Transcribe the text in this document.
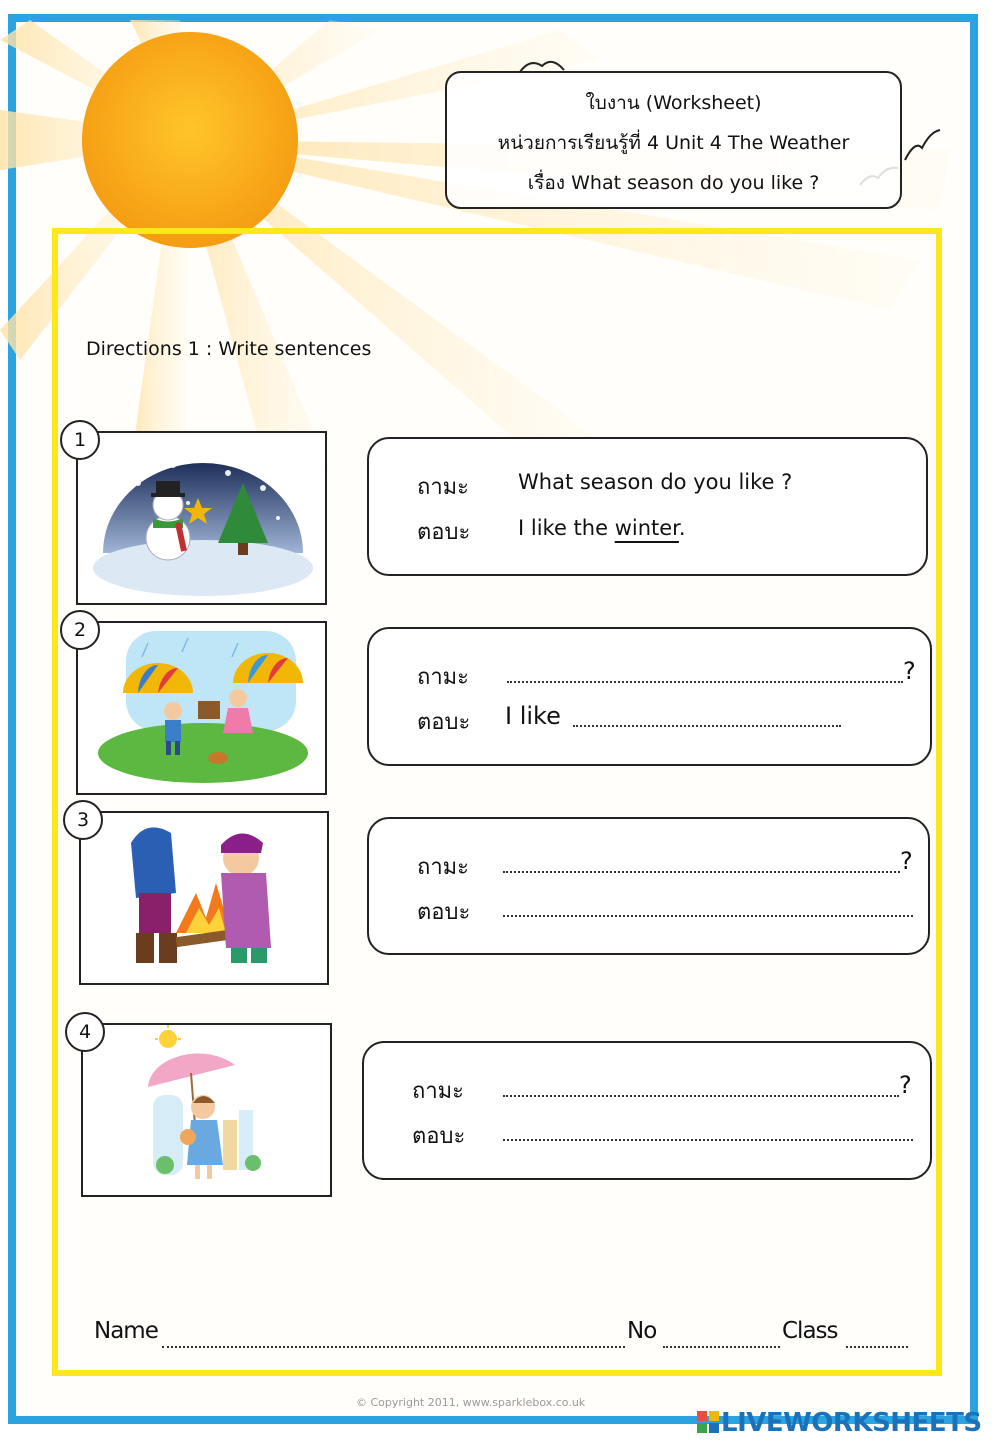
ใบงาน (Worksheet)
หน่วยการเรียนรู้ที่ 4 Unit 4 The Weather
เรื่อง What season do you like ?
Directions 1 : Write sentences
1
ถามะ What season do you like ?
ตอบะ I like the winter.
2
ถามะ	?
ตอบะ I like
3
ถามะ	?
ตอบะ
4
ถามะ	?
ตอบะ
Name	No	Class
© Copyright 2011, www.sparklebox.co.uk
LIVEWORKSHEETS
